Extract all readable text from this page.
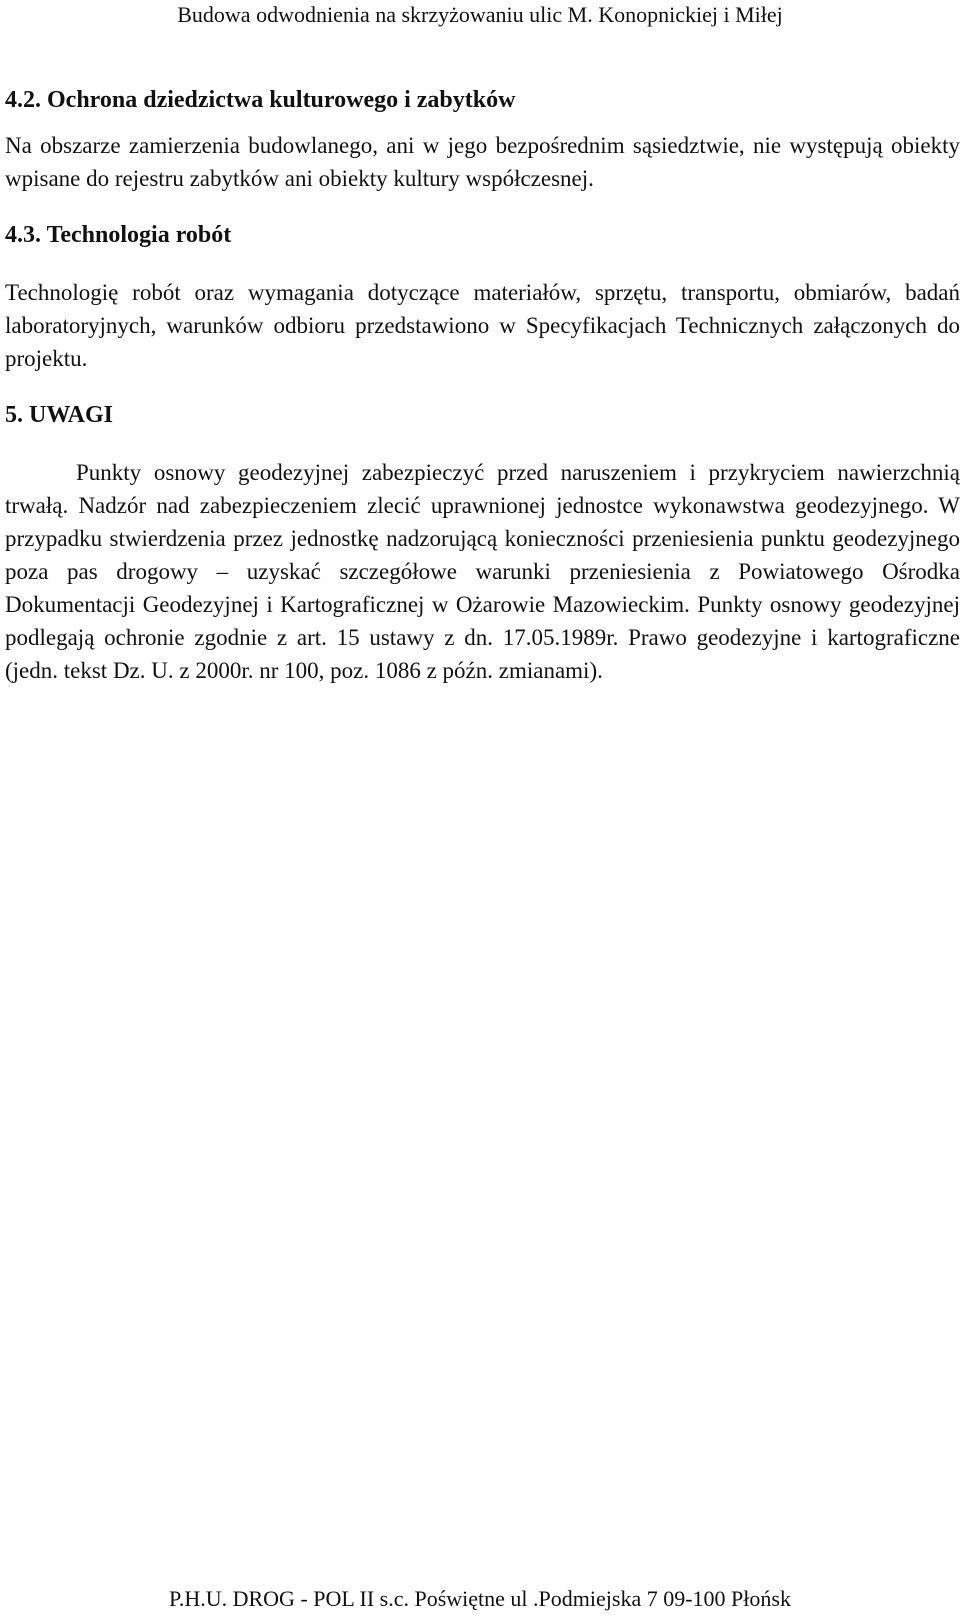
Budowa odwodnienia na skrzyżowaniu ulic M. Konopnickiej i Miłej
4.2. Ochrona dziedzictwa kulturowego i zabytków

Na obszarze zamierzenia budowlanego, ani w jego bezpośrednim sąsiedztwie, nie występują obiekty wpisane do rejestru zabytków ani obiekty kultury współczesnej.

4.3. Technologia robót

Technologię robót oraz wymagania dotyczące materiałów, sprzętu, transportu, obmiarów, badań laboratoryjnych, warunków odbioru przedstawiono w Specyfikacjach Technicznych załączonych do projektu.

5. UWAGI

Punkty osnowy geodezyjnej zabezpieczyć przed naruszeniem i przykryciem nawierzchnią trwałą. Nadzór nad zabezpieczeniem zlecić uprawnionej jednostce wykonawstwa geodezyjnego. W przypadku stwierdzenia przez jednostkę nadzorującą konieczności przeniesienia punktu geodezyjnego poza pas drogowy – uzyskać szczegółowe warunki przeniesienia z Powiatowego Ośrodka Dokumentacji Geodezyjnej i Kartograficznej w Ożarowie Mazowieckim. Punkty osnowy geodezyjnej podlegają ochronie zgodnie z art. 15 ustawy z dn. 17.05.1989r. Prawo geodezyjne i kartograficzne (jedn. tekst Dz. U. z 2000r. nr 100, poz. 1086 z późn. zmianami).

P.H.U. DROG - POL II s.c. Poświętne ul .Podmiejska 7 09-100 Płońsk
